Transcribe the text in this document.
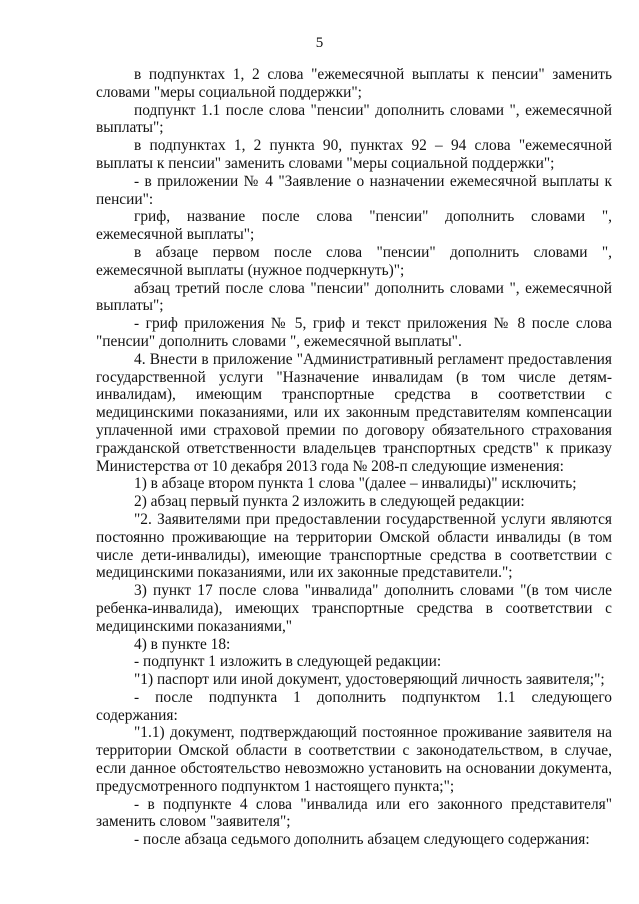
5

в подпунктах 1, 2 слова "ежемесячной выплаты к пенсии" заменить словами "меры социальной поддержки";

подпункт 1.1 после слова "пенсии" дополнить словами ", ежемесячной выплаты";

в подпунктах 1, 2 пункта 90, пунктах 92 – 94 слова "ежемесячной выплаты к пенсии" заменить словами "меры социальной поддержки";

- в приложении № 4 "Заявление о назначении ежемесячной выплаты к пенсии":

гриф, название после слова "пенсии" дополнить словами ", ежемесячной выплаты";

в абзаце первом после слова "пенсии" дополнить словами ", ежемесячной выплаты (нужное подчеркнуть)";

абзац третий после слова "пенсии" дополнить словами ", ежемесячной выплаты";

- гриф приложения № 5, гриф и текст приложения № 8 после слова "пенсии" дополнить словами ", ежемесячной выплаты".

4. Внести в приложение "Административный регламент предоставления государственной услуги "Назначение инвалидам (в том числе детям-инвалидам), имеющим транспортные средства в соответствии с медицинскими показаниями, или их законным представителям компенсации уплаченной ими страховой премии по договору обязательного страхования гражданской ответственности владельцев транспортных средств" к приказу Министерства от 10 декабря 2013 года № 208-п следующие изменения:

1) в абзаце втором пункта 1 слова "(далее – инвалиды)" исключить;

2) абзац первый пункта 2 изложить в следующей редакции:

"2. Заявителями при предоставлении государственной услуги являются постоянно проживающие на территории Омской области инвалиды (в том числе дети-инвалиды), имеющие транспортные средства в соответствии с медицинскими показаниями, или их законные представители.";

3) пункт 17 после слова "инвалида" дополнить словами "(в том числе ребенка-инвалида), имеющих транспортные средства в соответствии с медицинскими показаниями,"

4) в пункте 18:

- подпункт 1 изложить в следующей редакции:

"1) паспорт или иной документ, удостоверяющий личность заявителя;";

- после подпункта 1 дополнить подпунктом 1.1 следующего содержания:

"1.1) документ, подтверждающий постоянное проживание заявителя на территории Омской области в соответствии с законодательством, в случае, если данное обстоятельство невозможно установить на основании документа, предусмотренного подпунктом 1 настоящего пункта;";

- в подпункте 4 слова "инвалида или его законного представителя" заменить словом "заявителя";

- после абзаца седьмого дополнить абзацем следующего содержания:
